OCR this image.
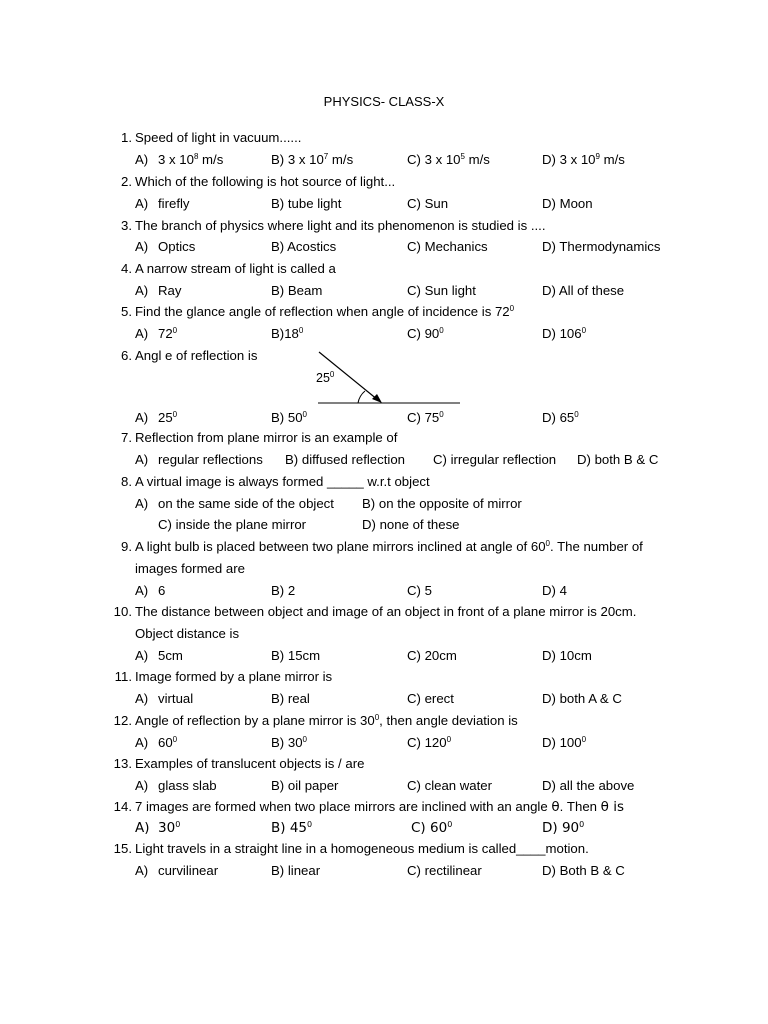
PHYSICS- CLASS-X
1. Speed of light in vacuum......
A) 3 x $10^8$ m/s	B) 3 x $10^7$ m/s	C) 3 x $10^5$ m/s	D) 3 x $10^9$ m/s
2. Which of the following is hot source of light...
A) firefly	B) tube light	C) Sun	D) Moon
3. The branch of physics where light and its phenomenon is studied is ....
A) Optics	B) Acostics	C) Mechanics	D) Thermodynamics
4. A narrow stream of light is called a
A) Ray	B) Beam	C) Sun light	D) All of these
5. Find the glance angle of reflection when angle of incidence is $72^0$
A) $72^0$	$B)18^0$	C) $90^0$	D) $106^0$
6. Angl e of reflection is
$25^0$
A) $25^0$	B) $50^0$	C) $75^0$	D) $65^0$
7. Reflection from plane mirror is an example of
A) regular reflections B) diffused reflection C) irregular reflection D) both B & C
8. A virtual image is always formed _____ w.r.t object
A) on the same side of the object B) on the opposite of mirror
C) inside the plane mirror	D) none of these
9. A light bulb is placed between two plane mirrors inclined at angle of $60^0$. The number of
images formed are
A) 6	B) 2	C) 5	D) 4
10. The distance between object and image of an object in front of a plane mirror is 20cm.
Object distance is
A) 5cm	B) 15cm	C) 20cm	D) 10cm
11. Image formed by a plane mirror is
A) virtual	B) real	C) erect	D) both A & C
12. Angle of reflection by a plane mirror is $30^0$, then angle deviation is
A) $60^0$	B) $30^0$	C) $120^0$	D) $100^0$
13. Examples of translucent objects is / are
A) glass slab	B) oil paper	C) clean water	D) all the above
14. 7 images are formed when two place mirrors are inclined with an angle θ. Then θ is
A) $30^0$	B) $45^0$	C) $60^0$	D) $90^0$
15. Light travels in a straight line in a homogeneous medium is called____motion.
A) curvilinear	B) linear	C) rectilinear	D) Both B & C
